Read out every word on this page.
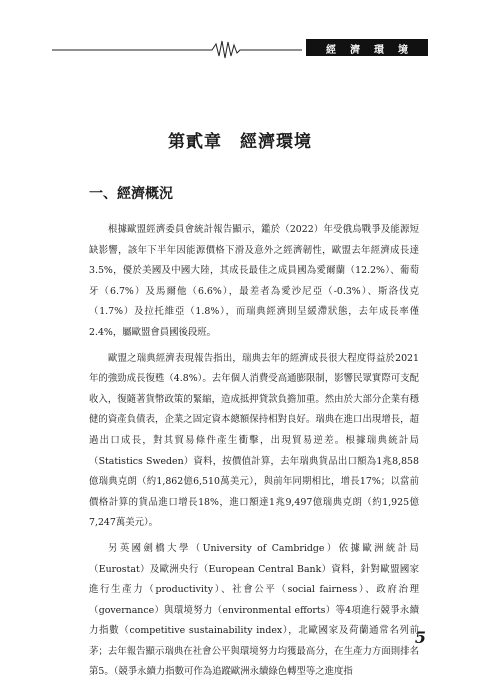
經濟環境
第貳章　經濟環境
一、經濟概況

根據歐盟經濟委員會統計報告顯示，鑑於（2022）年受俄烏戰爭及能源短缺影響，該年下半年因能源價格下滑及意外之經濟韌性，歐盟去年經濟成長達3.5%，優於美國及中國大陸，其成長最佳之成員國為愛爾蘭（12.2%）、葡萄牙（6.7%）及馬爾他（6.6%），最差者為愛沙尼亞（-0.3%）、斯洛伐克（1.7%）及拉托維亞（1.8%），而瑞典經濟則呈緩滯狀態，去年成長率僅2.4%，屬歐盟會員國後段班。

歐盟之瑞典經濟表現報告指出，瑞典去年的經濟成長很大程度得益於2021年的強勁成長復甦（4.8%）。去年個人消費受高通膨限制，影響民眾實際可支配收入，復隨著貨幣政策的緊縮，造成抵押貸款負擔加重。然由於大部分企業有穩健的資產負債表，企業之固定資本總額保持相對良好。瑞典在進口出現增長，超過出口成長，對其貿易條件產生衝擊，出現貿易逆差。根據瑞典統計局（Statistics Sweden）資料，按價值計算，去年瑞典貨品出口額為1兆8,858億瑞典克朗（約1,862億6,510萬美元），與前年同期相比，增長17%；以當前價格計算的貨品進口增長18%，進口額達1兆9,497億瑞典克朗（約1,925億7,247萬美元）。

另英國劍橋大學（University of Cambridge）依據歐洲統計局（Eurostat）及歐洲央行（European Central Bank）資料，針對歐盟國家進行生產力（productivity）、社會公平（social fairness）、政府治理（governance）與環境努力（environmental efforts）等4項進行競爭永續力指數（competitive sustainability index），北歐國家及荷蘭通常名列前茅；去年報告顯示瑞典在社會公平與環境努力均獲最高分，在生產力方面則排名第5。（競爭永續力指數可作為追蹤歐洲永續綠色轉型等之進度指

5
